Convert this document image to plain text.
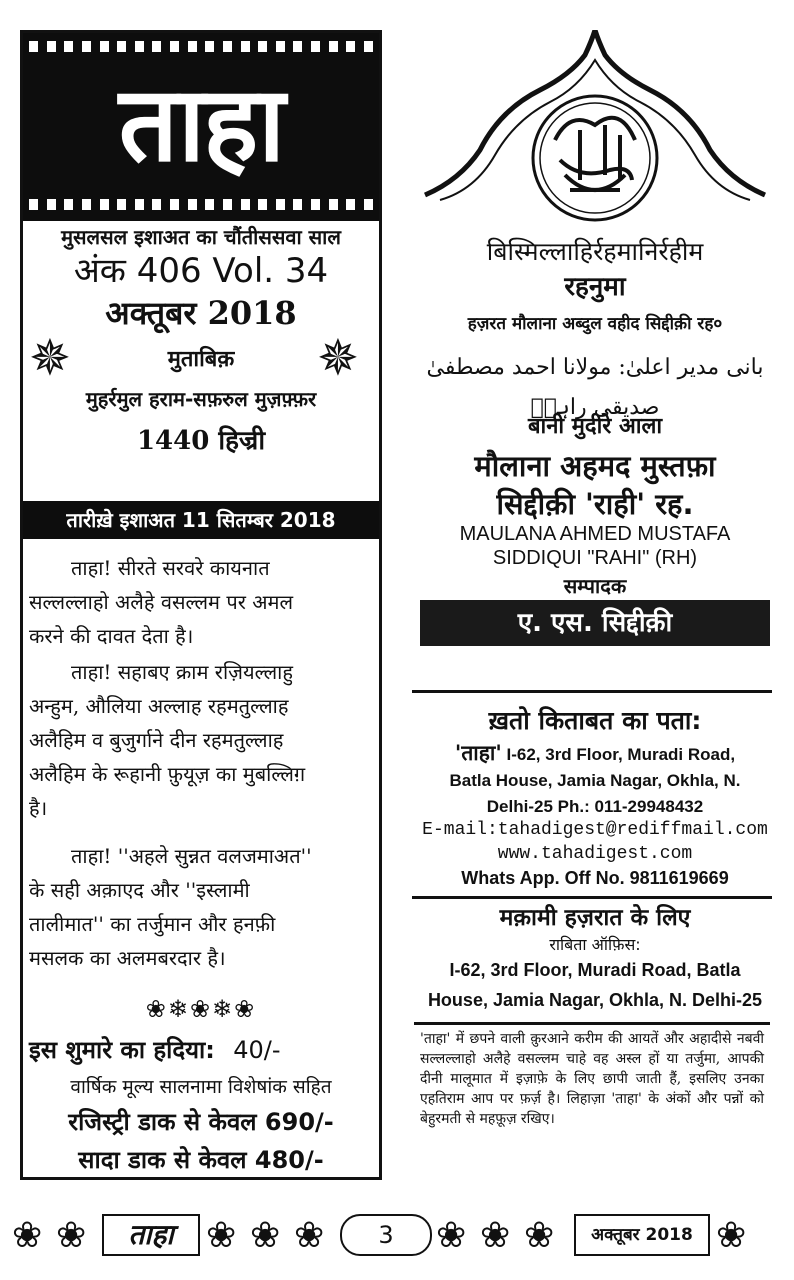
ताहा
मुसलसल इशाअत का चौंतीससवा साल
अंक 406 Vol. 34
अक्तूबर 2018
✵	✵
मुताबिक़
मुहर्रमुल हराम-सफ़रुल मुज़फ़्फ़र
1440 हिज्री
तारीख़े इशाअत 11 सितम्बर 2018
ताहा! सीरते सरवरे कायनात
सल्लल्लाहो अलैहे वसल्लम पर अमल
करने की दावत देता है।
ताहा! सहाबए क्राम रज़ियल्लाहु
अन्हुम, औलिया अल्लाह रहमतुल्लाह
अलैहिम व बुजुर्गाने दीन रहमतुल्लाह
अलैहिम के रूहानी फ़ुयूज़ का मुबल्लिग़
है।
ताहा! ''अहले सुन्नत वलजमाअत''
के सही अक़ाएद और ''इस्लामी
तालीमात'' का तर्जुमान और हनफ़ी
मसलक का अलमबरदार है।
❀❄❀❄❀
इस शुमारे का हदिया: 40/-
वार्षिक मूल्य सालनामा विशेषांक सहित
रजिस्ट्री डाक से केवल 690/-
सादा डाक से केवल 480/-
बिस्मिल्लाहिर्रहमानिर्रहीम
रहनुमा
हज़रत मौलाना अब्दुल वहीद सिद्दीक़ी रह०
بانی مدیر اعلیٰ: مولانا احمد مصطفیٰ صدیقی راہیؒ
बानी मुदीरे आला
मौलाना अहमद मुस्तफ़ा
सिद्दीक़ी 'राही' रह.
MAULANA AHMED MUSTAFA
SIDDIQUI "RAHI" (RH)
सम्पादक
ए. एस. सिद्दीक़ी
ख़तो किताबत का पता:
'ताहा' I-62, 3rd Floor, Muradi Road,
Batla House, Jamia Nagar, Okhla, N.
Delhi-25 Ph.: 011-29948432
E-mail:tahadigest@rediffmail.com
www.tahadigest.com
Whats App. Off No. 9811619669
मक़ामी हज़रात के लिए
राबिता ऑफ़िस:
I-62, 3rd Floor, Muradi Road, Batla
House, Jamia Nagar, Okhla, N. Delhi-25
'ताहा' में छपने वाली क़ुरआने करीम की आयतें और अहादीसे नबवी सल्लल्लाहो अलैहे वसल्लम चाहे वह अस्ल हों या तर्जुमा, आपकी दीनी मालूमात में इज़ाफ़े के लिए छापी जाती हैं, इसलिए उनका एहतिराम आप पर फ़र्ज़ है। लिहाज़ा 'ताहा' के अंकों और पन्नों को बेहुरमती से महफ़ूज़ रखिए।
❀ ❀	ताहा ❀ ❀ ❀	3	❀ ❀ ❀	अक्तूबर 2018 ❀
